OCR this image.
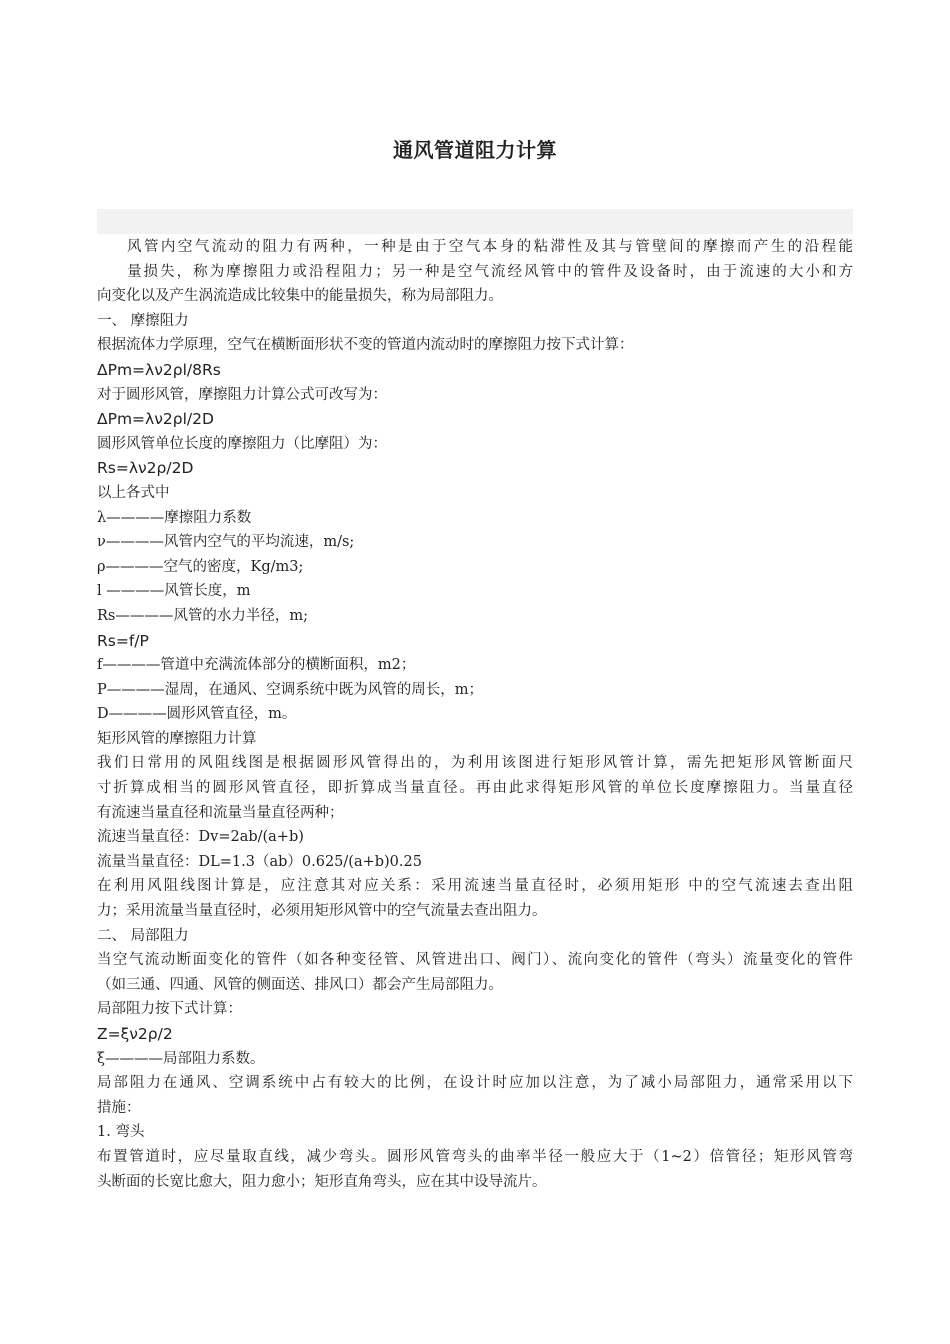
通风管道阻力计算
风管内空气流动的阻力有两种，一种是由于空气本身的粘滞性及其与管壁间的摩擦而产生的沿程能
量损失，称为摩擦阻力或沿程阻力；另一种是空气流经风管中的管件及设备时，由于流速的大小和方
向变化以及产生涡流造成比较集中的能量损失，称为局部阻力。
一、 摩擦阻力
根据流体力学原理，空气在横断面形状不变的管道内流动时的摩擦阻力按下式计算：
ΔPm=λν2ρl/8Rs
对于圆形风管，摩擦阻力计算公式可改写为：
ΔPm=λν2ρl/2D
圆形风管单位长度的摩擦阻力（比摩阻）为：
Rs=λν2ρ/2D
以上各式中
λ————摩擦阻力系数
ν————风管内空气的平均流速，m/s;
ρ————空气的密度，Kg/m3;
l ————风管长度，m
Rs————风管的水力半径，m;
Rs=f/P
f————管道中充满流体部分的横断面积，m2；
P————湿周，在通风、空调系统中既为风管的周长，m；
D————圆形风管直径，m。
矩形风管的摩擦阻力计算
我们日常用的风阻线图是根据圆形风管得出的，为利用该图进行矩形风管计算，需先把矩形风管断面尺
寸折算成相当的圆形风管直径，即折算成当量直径。再由此求得矩形风管的单位长度摩擦阻力。当量直径
有流速当量直径和流量当量直径两种；
流速当量直径：Dv=2ab/(a+b)
流量当量直径：DL=1.3（ab）0.625/(a+b)0.25
在利用风阻线图计算是，应注意其对应关系：采用流速当量直径时，必须用矩形 中的空气流速去查出阻
力；采用流量当量直径时，必须用矩形风管中的空气流量去查出阻力。
二、 局部阻力
当空气流动断面变化的管件（如各种变径管、风管进出口、阀门）、流向变化的管件（弯头）流量变化的管件
（如三通、四通、风管的侧面送、排风口）都会产生局部阻力。
局部阻力按下式计算：
Z=ξν2ρ/2
ξ————局部阻力系数。
局部阻力在通风、空调系统中占有较大的比例，在设计时应加以注意，为了减小局部阻力，通常采用以下
措施：
1. 弯头
布置管道时，应尽量取直线，减少弯头。圆形风管弯头的曲率半径一般应大于（1~2）倍管径；矩形风管弯
头断面的长宽比愈大，阻力愈小；矩形直角弯头，应在其中设导流片。
